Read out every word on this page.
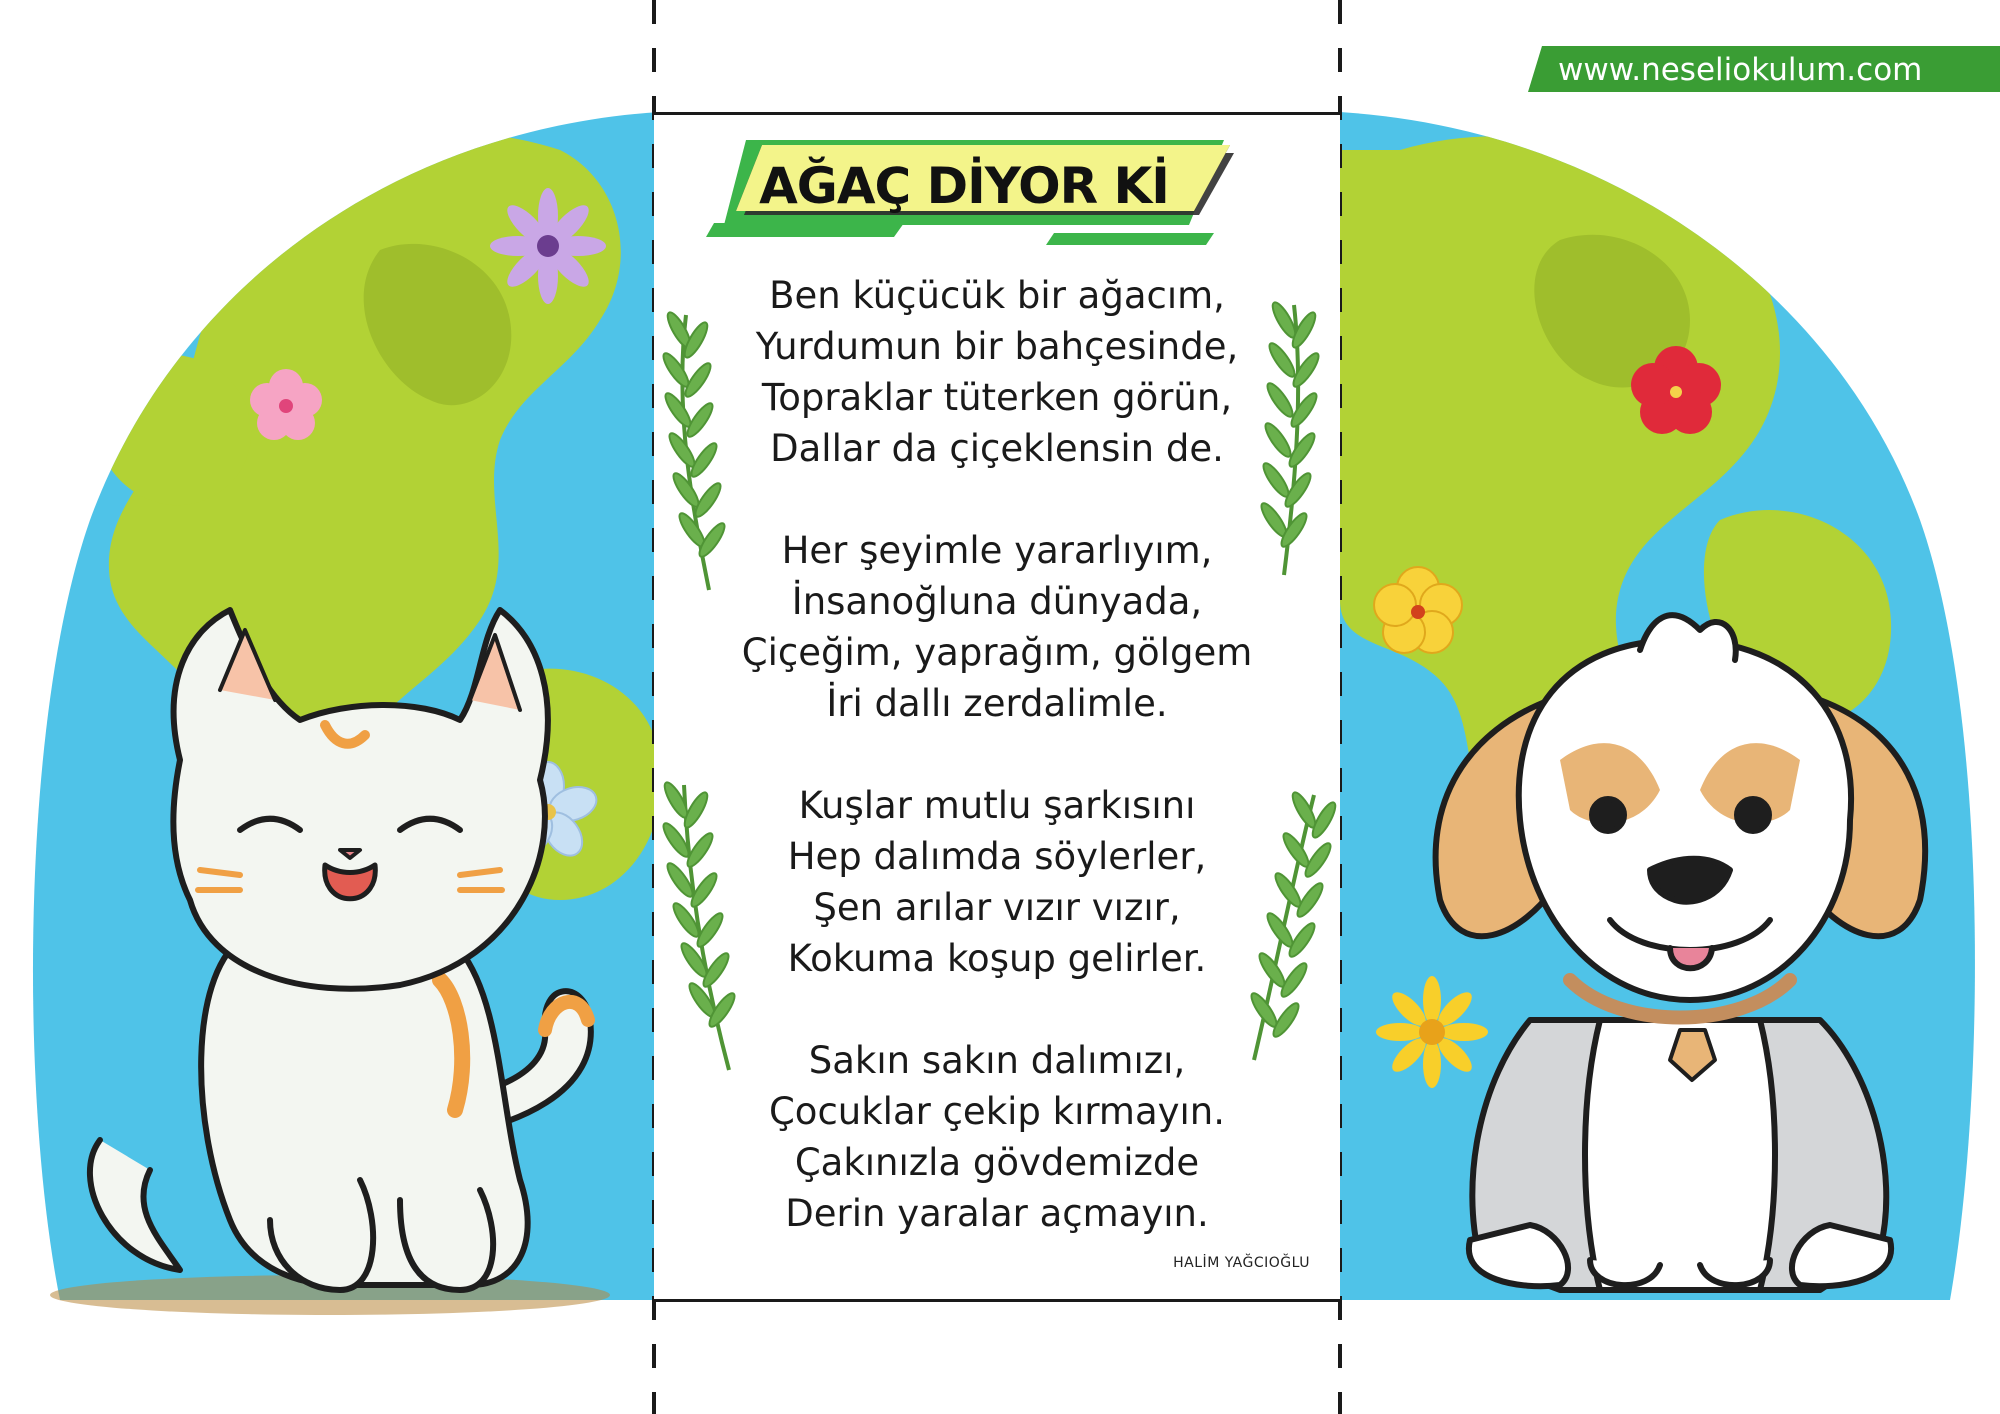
AĞAÇ DİYOR Kİ
Ben küçücük bir ağacım,
Yurdumun bir bahçesinde,
Topraklar tüterken görün,
Dallar da çiçeklensin de.
Her şeyimle yararlıyım,
İnsanoğluna dünyada,
Çiçeğim, yaprağım, gölgem
İri dallı zerdalimle.
Kuşlar mutlu şarkısını
Hep dalımda söylerler,
Şen arılar vızır vızır,
Kokuma koşup gelirler.
Sakın sakın dalımızı,
Çocuklar çekip kırmayın.
Çakınızla gövdemizde
Derin yaralar açmayın.
HALİM YAĞCIOĞLU
www.neseliokulum.com
